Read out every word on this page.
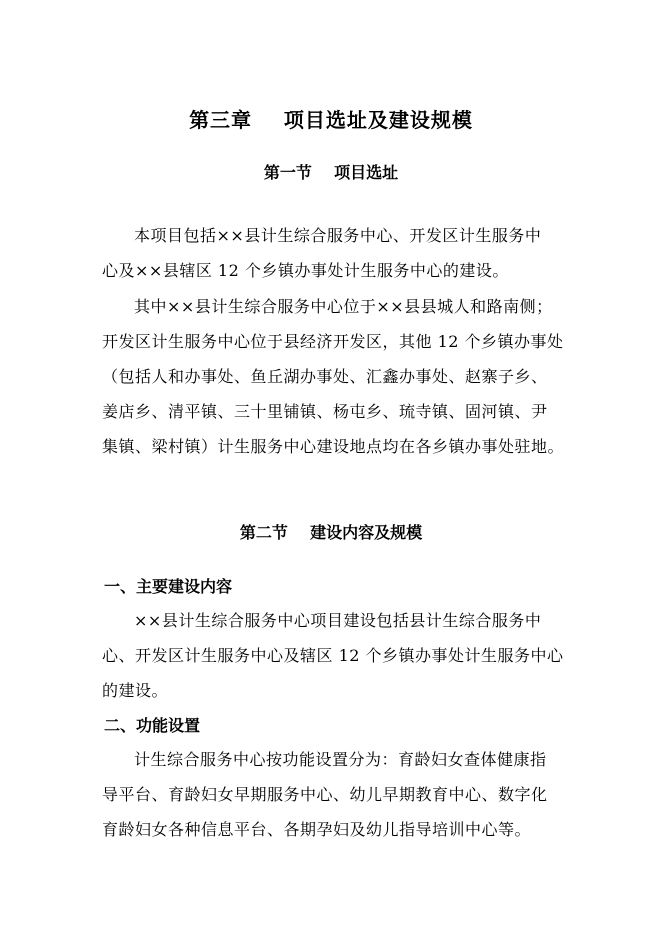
第三章    项目选址及建设规模
第一节    项目选址
本项目包括××县计生综合服务中心、开发区计生服务中
心及××县辖区 12 个乡镇办事处计生服务中心的建设。
其中××县计生综合服务中心位于××县县城人和路南侧；
开发区计生服务中心位于县经济开发区，其他 12 个乡镇办事处
（包括人和办事处、鱼丘湖办事处、汇鑫办事处、赵寨子乡、
姜店乡、清平镇、三十里铺镇、杨屯乡、琉寺镇、固河镇、尹
集镇、梁村镇）计生服务中心建设地点均在各乡镇办事处驻地。
第二节    建设内容及规模
一、主要建设内容
××县计生综合服务中心项目建设包括县计生综合服务中
心、开发区计生服务中心及辖区 12 个乡镇办事处计生服务中心
的建设。
二、功能设置
计生综合服务中心按功能设置分为：育龄妇女查体健康指
导平台、育龄妇女早期服务中心、幼儿早期教育中心、数字化
育龄妇女各种信息平台、各期孕妇及幼儿指导培训中心等。
